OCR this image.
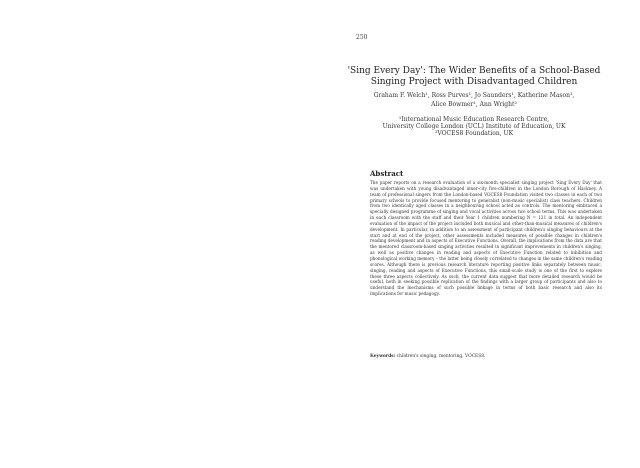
250
'Sing Every Day': The Wider Benefits of a School-Based Singing Project with Disadvantaged Children
Graham F. Welch¹, Ross Purves¹, Jo Saunders¹, Katherine Mason¹,
Alice Bowmer¹, Ann Wright²
¹International Music Education Research Centre,
University College London (UCL) Institute of Education, UK
²VOCES8 Foundation, UK
Abstract
The paper reports on a research evaluation of a six-month specialist singing project 'Sing Every Day' that was undertaken with young disadvantaged inner-city five-children in the London Borough of Hackney. A team of professional singers from the London-based VOCES8 Foundation visited two classes in each of two primary schools to provide focused mentoring to generalist (non-music specialist) class teachers. Children from two identically aged classes in a neighbouring school acted as controls. The mentoring embraced a specially designed programme of singing and vocal activities across two school terms. This was undertaken in each classroom with the staff and their Year 1 children numbering N = 121 in total. An independent evaluation of the impact of the project included both musical and other-than-musical measures of children's development. In particular, in addition to an assessment of participant children's singing behaviours at the start and at end of the project, other assessments included measures of possible changes in children's reading development and in aspects of Executive Functions. Overall, the implications from the data are that the mentored classroom-based singing activities resulted in significant improvements in children's singing, as well as positive changes in reading and aspects of Executive Function related to inhibition and phonological working memory – the latter being closely correlated to changes in the same children's reading scores. Although there is previous research literature reporting positive links separately between music, singing, reading and aspects of Executive Functions, this small-scale study is one of the first to explore these three aspects collectively. As such, the current data suggest that more detailed research would be useful, both in seeking possible replication of the findings with a larger group of participants and also to understand the mechanisms of such possible linkage in terms of both basic research and also its implications for music pedagogy.
Keywords: children's singing, mentoring, VOCES8.
